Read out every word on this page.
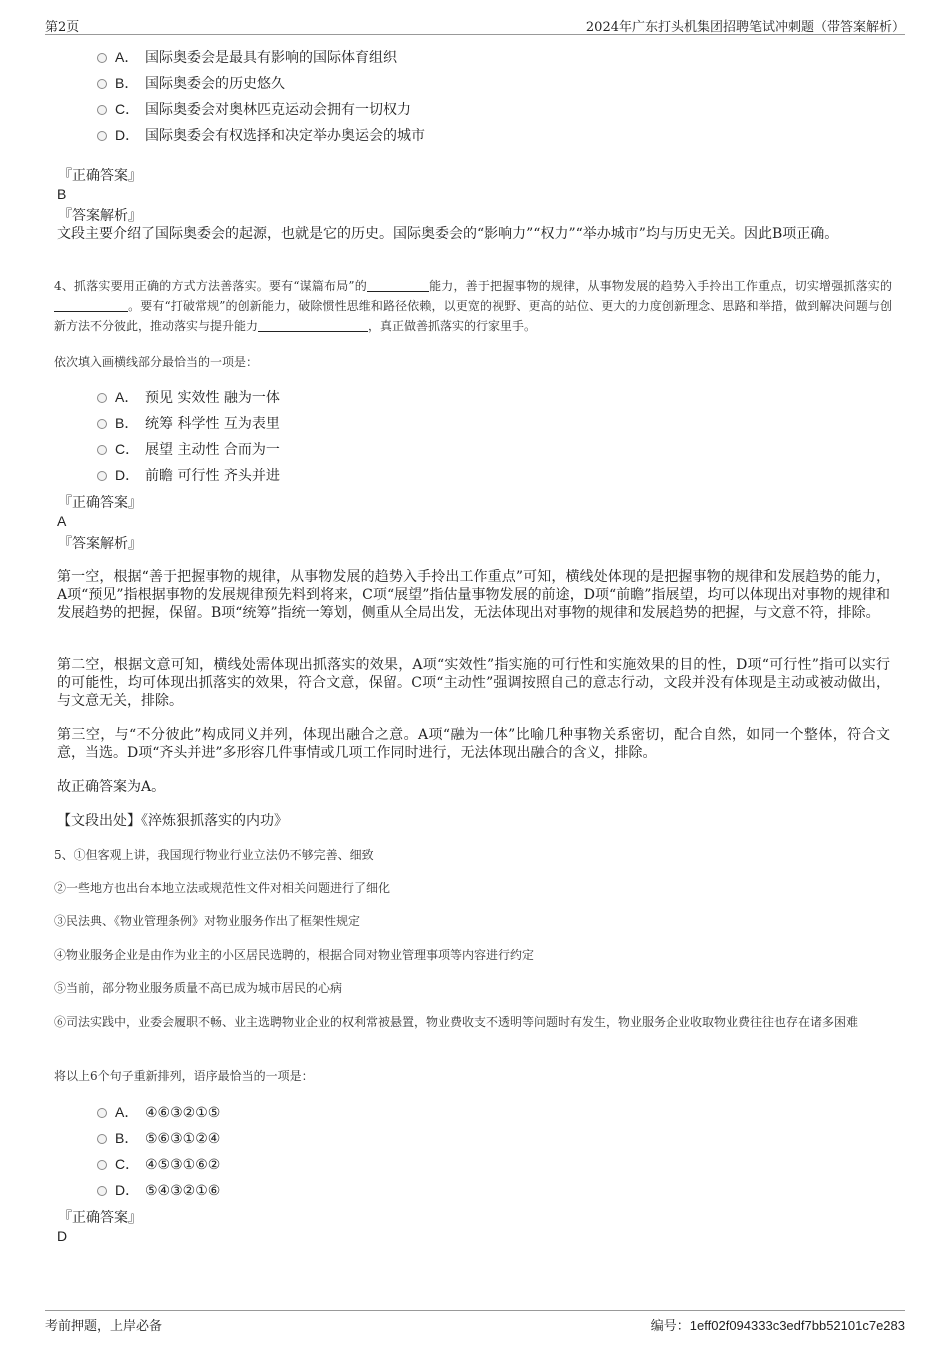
第2页	2024年广东打头机集团招聘笔试冲刺题（带答案解析）
A． 国际奥委会是最具有影响的国际体育组织
B． 国际奥委会的历史悠久
C． 国际奥委会对奥林匹克运动会拥有一切权力
D． 国际奥委会有权选择和决定举办奥运会的城市
『正确答案』
B
『答案解析』
文段主要介绍了国际奥委会的起源，也就是它的历史。国际奥委会的“影响力”“权力”“举办城市”均与历史无关。因此B项正确。
4、抓落实要用正确的方式方法善落实。要有“谋篇布局”的	能力，善于把握事物的规律，从事物发展的趋势入手拎出工作重点，切实增强抓落实的。要有“打破常规”的创新能力，破除惯性思维和路径依赖，以更宽的视野、更高的站位、更大的力度创新理念、思路和举措，做到解决问题与创新方法不分彼此，推动落实与提升能力	，真正做善抓落实的行家里手。
依次填入画横线部分最恰当的一项是：
A． 预见 实效性 融为一体
B． 统筹 科学性 互为表里
C． 展望 主动性 合而为一
D． 前瞻 可行性 齐头并进
『正确答案』
A
『答案解析』
第一空，根据“善于把握事物的规律，从事物发展的趋势入手拎出工作重点”可知，横线处体现的是把握事物的规律和发展趋势的能力，A项“预见”指根据事物的发展规律预先料到将来，C项“展望”指估量事物发展的前途，D项“前瞻”指展望，均可以体现出对事物的规律和发展趋势的把握，保留。B项“统筹”指统一筹划，侧重从全局出发，无法体现出对事物的规律和发展趋势的把握，与文意不符，排除。
第二空，根据文意可知，横线处需体现出抓落实的效果，A项“实效性”指实施的可行性和实施效果的目的性，D项“可行性”指可以实行的可能性，均可体现出抓落实的效果，符合文意，保留。C项“主动性”强调按照自己的意志行动，文段并没有体现是主动或被动做出，与文意无关，排除。
第三空，与“不分彼此”构成同义并列，体现出融合之意。A项“融为一体”比喻几种事物关系密切，配合自然，如同一个整体，符合文意，当选。D项“齐头并进”多形容几件事情或几项工作同时进行，无法体现出融合的含义，排除。
故正确答案为A。
【文段出处】《淬炼狠抓落实的内功》
5、①但客观上讲，我国现行物业行业立法仍不够完善、细致
②一些地方也出台本地立法或规范性文件对相关问题进行了细化
③民法典、《物业管理条例》对物业服务作出了框架性规定
④物业服务企业是由作为业主的小区居民选聘的，根据合同对物业管理事项等内容进行约定
⑤当前，部分物业服务质量不高已成为城市居民的心病
⑥司法实践中，业委会履职不畅、业主选聘物业企业的权利常被悬置，物业费收支不透明等问题时有发生，物业服务企业收取物业费往往也存在诸多困难
将以上6个句子重新排列，语序最恰当的一项是：
A． ④⑥③②①⑤
B． ⑤⑥③①②④
C． ④⑤③①⑥②
D． ⑤④③②①⑥
『正确答案』
D
考前押题，上岸必备	编号：1eff02f094333c3edf7bb52101c7e283
